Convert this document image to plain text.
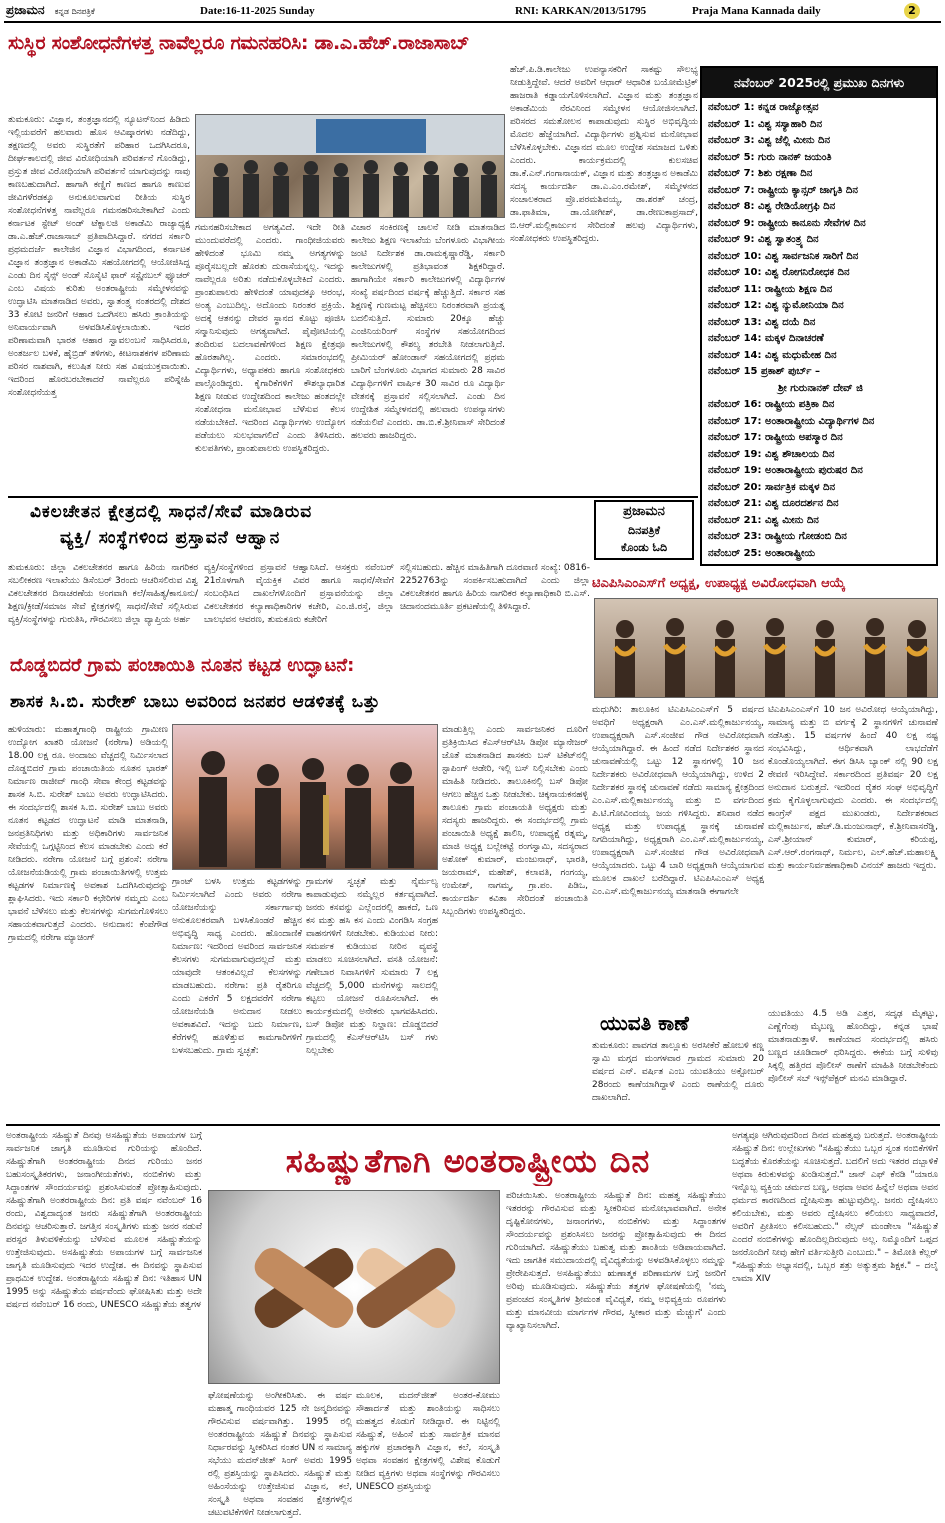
ಪ್ರಜಾಮನ ಕನ್ನಡ ದಿನಪತ್ರಿಕೆ	Date:16-11-2025 Sunday	RNI: KARKAN/2013/51795	Praja Mana Kannada daily	2
ಸುಸ್ಥಿರ ಸಂಶೋಧನೆಗಳತ್ತ ನಾವೆಲ್ಲರೂ ಗಮನಹರಿಸಿ: ಡಾ.ಎ.ಹೆಚ್.ರಾಜಾಸಾಬ್
ತುಮಕೂರು: ವಿಜ್ಞಾನ, ತಂತ್ರಜ್ಞಾನದಲ್ಲಿ ನ್ಯೂಟನ್‌ನಿಂದ ಹಿಡಿದು ಇಲ್ಲಿಯವರೆಗೆ ಹಲವಾರು ಹೊಸ ಆವಿಷ್ಕಾರಗಳು ನಡೆದಿದ್ದು, ತಕ್ಷಣದಲ್ಲಿ ಅವರು ಸುಸ್ಥಿರತೆಗೆ ಪರಿಹಾರ ಒದಗಿಸಿದರೂ, ದೀರ್ಘಕಾಲದಲ್ಲಿ ಜೀವ ವಿರೋಧಿಯಾಗಿ ಪರಿವರ್ತನೆ ಗೊಂಡಿದ್ದು, ಪ್ರಸ್ತುತ ಜೀವ ವಿರೋಧಿಯಾಗಿ ಪರಿವರ್ತನೆ ಯಾಗುವುದನ್ನು ನಾವು ಕಾಣಬಹುದಾಗಿದೆ. ಹಾಗಾಗಿ ಕಣ್ಣಿಗೆ ಕಾಣದ ಹಾಗೂ ಕಾಣುವ ಜೀವಿಗಳೆರಡಕ್ಕೂ ಅನುಕೂಲವಾಗುವ ರೀತಿಯ ಸುಸ್ಥಿರ ಸಂಶೋಧನೆಗಳತ್ತ ನಾವೆಲ್ಲರೂ ಗಮನಹರಿಸಬೇಕಾಗಿದೆ ಎಂದು ಕರ್ನಾಟಕ ಸ್ಟೇಟ್ ಅಂಡ್ ಟೆಕ್ನಾಲಜಿ ಅಕಾಡೆಮಿ ರಾಜ್ಯಾಧ್ಯಕ್ಷ ಡಾ.ಎ.ಹೆಚ್.ರಾಜಾಸಾಬ್ ಪ್ರತಿಪಾದಿಸಿದ್ದಾರೆ. ನಗರದ ಸರ್ಕಾರಿ ಪ್ರಥಮದರ್ಜೆ ಕಾಲೇಜಿನ ವಿಜ್ಞಾನ ವಿಭಾಗದಿಂದ, ಕರ್ನಾಟಕ ವಿಜ್ಞಾನ ತಂತ್ರಜ್ಞಾನ ಅಕಾಡೆಮಿ ಸಹಯೋಗದಲ್ಲಿ ಆಯೋಜಿಸಿದ್ದ ಎಂಡು ದಿನ ಸೈನ್ಸ್ ಅಂಡ್ ಸೊಸೈಟಿ ಫಾರ್ ಸಸ್ಟೈನಬಲ್ ಫ್ಯೂಚರ್ ಎಂಬ ವಿಷಯ ಕುರಿತು ಅಂತರಾಷ್ಟ್ರೀಯ ಸಮ್ಮೇಳನವನ್ನು ಉದ್ಘಾಟಿಸಿ ಮಾತನಾಡಿದ ಅವರು, ಸ್ವಾತಂತ್ರ್ಯ ನಂತರದಲ್ಲಿ ದೇಶದ 33 ಕೋಟಿ ಜನರಿಗೆ ಆಹಾರ ಒದಗಿಸಲು ಹಸಿರು ಕ್ರಾಂತಿಯನ್ನು ಅನಿವಾರ್ಯವಾಗಿ ಅಳವಡಿಸಿಕೊಳ್ಳಲಾಯಿತು. ಇದರ ಪರಿಣಾಮವಾಗಿ ಭಾರತ ಆಹಾರ ಸ್ವಾವಲಂಬನೆ ಸಾಧಿಸಿದರೂ, ಅಂತರ್ಜಲ ಬಳಕೆ, ಹೈಬ್ರಿಡ್ ತಳಿಗಳು, ಕೀಟನಾಶಕಗಳ ಪರಿಣಾಮ ಪರಿಸರ ನಾಶವಾಗಿ, ಕಲುಷಿತ ನೀರು ಸಹ ವಿಷಯುಕ್ತವಾಯಿತು. ಇದರಿಂದ ಹೊರಬರಬೇಕಾದರೆ ನಾವೆಲ್ಲರೂ ಪರಿಸ್ನೇಹಿ ಸಂಶೋಧನೆಯತ್ತ
ಗಮನಹರಿಸಬೇಕಾದ ಅಗತ್ಯವಿದೆ. ಇದೇ ರೀತಿ ಮುಂದುವರೆದಲ್ಲಿ ಎಂದರು. ಗಾಂಧೀಜಿಯವರು ಹೇಳಿದಂತೆ ಭೂಮಿ ನಮ್ಮ ಅಗತ್ಯಗಳನ್ನು ಪೂರೈಸಬಲ್ಲದೇ ಹೊರತು ದುರಾಸೆಯನ್ನಲ್ಲ. ಇದನ್ನು ನಾವೆಲ್ಲರೂ ಅರಿತು ನಡೆದುಕೊಳ್ಳಬೇಕಿದೆ ಎಂದರು. ಪ್ರಾಂಶುಪಾಲರು ಹೇಳಿದಂತೆ ಯಾವುದಕ್ಕೂ ಆರಂಭ, ಅಂತ್ಯ ಎಂಬುದಿಲ್ಲ. ಅದೊಂದು ನಿರಂತರ ಪ್ರಕ್ರಿಯೆ. ಅದಕ್ಕೆ ಆತನನ್ನು ದೇವರ ಸ್ಥಾನದ ಕೊಟ್ಟು ಪೂಜಿಸಿ ಸನ್ಮಾನಿಸುವುದು ಅಗತ್ಯವಾಗಿದೆ. ಪೈಪೋಟಿಯಲ್ಲಿ ತಂದಿರುವ ಬದಲಾವಣೆಗಳಿಂದ ಶಿಕ್ಷಣ ಕ್ಷೇತ್ರವೂ ಹೊರತಾಗಿಲ್ಲ. ಎಂದರು. ಸಮಾರಂಭದಲ್ಲಿ ವಿದ್ಯಾರ್ಥಿಗಳು, ಅಧ್ಯಾಪಕರು ಹಾಗೂ ಸಂಶೋಧಕರು ಪಾಲ್ಗೊಂಡಿದ್ದರು. ಕೈಗಾರಿಕೆಗಳಿಗೆ ಕೌಶಲ್ಯಾಧಾರಿತ ಶಿಕ್ಷಣ ನೀಡುವ ಉದ್ದೇಶದಿಂದ ಕಾಲೇಜು ಹಂತದಲ್ಲೇ ಸಂಶೋಧನಾ ಮನೋಭಾವ ಬೆಳೆಸುವ ಕೆಲಸ ನಡೆಯಬೇಕಿದೆ. ಇದರಿಂದ ವಿದ್ಯಾರ್ಥಿಗಳು ಉದ್ಯೋಗ ಪಡೆಯಲು ಸುಲಭವಾಗಲಿದೆ ಎಂದು ತಿಳಿಸಿದರು. ಕುಲಪತಿಗಳು, ಪ್ರಾಂಶುಪಾಲರು ಉಪಸ್ಥಿತರಿದ್ದರು.
ವಿಚಾರ ಸಂಕಿರಣಕ್ಕೆ ಚಾಲನೆ ನೀಡಿ ಮಾತನಾಡಿದ ಕಾಲೇಜು ಶಿಕ್ಷಣ ಇಲಾಖೆಯ ಬೆಂಗಳೂರು ವಿಭಾಗೀಯ ಜಂಟಿ ನಿರ್ದೇಶಕ ಡಾ.ರಾಮಕೃಷ್ಣಾರೆಡ್ಡಿ, ಸರ್ಕಾರಿ ಕಾಲೇಜುಗಳಲ್ಲಿ ಪ್ರತಿಭಾವಂತ ಶಿಕ್ಷಕರಿದ್ದಾರೆ. ಹಾಗಾಗಿಯೇ ಸರ್ಕಾರಿ ಕಾಲೇಜುಗಳಲ್ಲಿ ವಿದ್ಯಾರ್ಥಿಗಳ ಸಂಖ್ಯೆ ಪರ್ಷದಿಂದ ವರ್ಷಕ್ಕೆ ಹೆಚ್ಚುತ್ತಿದೆ. ಸರ್ಕಾರ ಸಹ ಶಿಕ್ಷಣಕ್ಕೆ ಗುಣಮಟ್ಟ ಹೆಚ್ಚಿಸಲು ನಿರಂತರವಾಗಿ ಪ್ರಯತ್ನ ಬದಲಿಸುತ್ತಿದೆ. ಸುಮಾರು 20ಕ್ಕೂ ಹೆಚ್ಚು ಎಂಜಿನಿಯರಿಂಗ್ ಸಂಸ್ಥೆಗಳ ಸಹಯೋಗದಿಂದ ಕಾಲೇಜುಗಳಲ್ಲಿ ಕೌಶಲ್ಯ ತರಬೇತಿ ನೀಡಲಾಗುತ್ತಿದೆ. ಪ್ರೀಮಿಯರ್ ಹೋಂಡಾನ್ ಸಹಯೋಗದಲ್ಲಿ ಪ್ರಥಮ ಬಾರಿಗೆ ಬೆಂಗಳೂರು ವಿಭಾಗದ ಸುಮಾರು 28 ಸಾವಿರ ವಿದ್ಯಾರ್ಥಿಗಳಿಗೆ ವಾರ್ಷಿಕ 30 ಸಾವಿರ ರೂ ವಿದ್ಯಾರ್ಥಿ ವೇತನಕ್ಕೆ ಪ್ರಸ್ತಾವನೆ ಸಲ್ಲಿಸಲಾಗಿದೆ. ಎಂಡು ದಿನ ಉದ್ದೇಶಿತ ಸಮ್ಮೇಳನದಲ್ಲಿ ಹಲವಾರು ಉಪನ್ಯಾಸಗಳು ನಡೆಯಲಿವೆ ಎಂದರು. ಡಾ.ಬಿ.ಕೆ.ಶ್ರೀನಿವಾಸ್ ಸೇರಿದಂತೆ ಹಲವರು ಹಾಜರಿದ್ದರು.
ಹೆಚ್.ಪಿ.ಡಿ.ಕಾಲೇಜು ಉಪನ್ಯಾಸಕರಿಗೆ ಸಾಕಷ್ಟು ಸೌಲಭ್ಯ ನೀಡುತ್ತಿದ್ದೇವೆ. ಆದರೆ ಅವರಿಗೆ ಆಧಾರ್ ಆಧಾರಿತ ಬಯೋಮೆಟ್ರಿಕ್ ಹಾಜರಾತಿ ಕಡ್ಡಾಯಗೊಳಿಸಲಾಗಿದೆ. ವಿಜ್ಞಾನ ಮತ್ತು ತಂತ್ರಜ್ಞಾನ ಅಕಾಡೆಮಿಯ ನೆರವಿನಿಂದ ಸಮ್ಮೇಳನ ಆಯೋಜಿಸಲಾಗಿದೆ. ಪರಿಸರದ ಸಮತೋಲನ ಕಾಪಾಡುವುದು ಸುಸ್ಥಿರ ಅಭಿವೃದ್ಧಿಯ ಮೊದಲ ಹೆಜ್ಜೆಯಾಗಿದೆ. ವಿದ್ಯಾರ್ಥಿಗಳು ಪ್ರಶ್ನಿಸುವ ಮನೋಭಾವ ಬೆಳೆಸಿಕೊಳ್ಳಬೇಕು. ವಿಜ್ಞಾನದ ಮೂಲ ಉದ್ದೇಶ ಸಮಾಜದ ಒಳಿತು ಎಂದರು. ಕಾರ್ಯಕ್ರಮದಲ್ಲಿ ಕುಲಸಚಿವ ಡಾ.ಕೆ.ಎನ್.ಗಂಗಾನಾಯಕ್, ವಿಜ್ಞಾನ ಮತ್ತು ತಂತ್ರಜ್ಞಾನ ಅಕಾಡೆಮಿ ಸದಸ್ಯ ಕಾರ್ಯದರ್ಶಿ ಡಾ.ಎ.ಎಂ.ರಮೇಶ್, ಸಮ್ಮೇಳನದ ಸಂಚಾಲಕರಾದ ಪ್ರೊ.ಪರಮಶಿವಯ್ಯ, ಡಾ.ಶರತ್ ಚಂದ್ರ, ಡಾ.ಫಾತಿಮಾ, ಡಾ.ಯೋಗೀಶ್, ಡಾ.ರೇಣುಕಾಪ್ರಸಾದ್, ಬಿ.ಆರ್.ಮಲ್ಲಿಕಾರ್ಜುನ ಸೇರಿದಂತೆ ಹಲವು ವಿದ್ಯಾರ್ಥಿಗಳು, ಸಂಶೋಧಕರು ಉಪಸ್ಥಿತರಿದ್ದರು.
ನವೆಂಬರ್ 2025ರಲ್ಲಿ ಪ್ರಮುಖ ದಿನಗಳು
ನವೆಂಬರ್ 1: ಕನ್ನಡ ರಾಜ್ಯೋತ್ಸವ
ನವೆಂಬರ್ 1: ವಿಶ್ವ ಸಸ್ಯಾಹಾರಿ ದಿನ
ನವೆಂಬರ್ 3: ವಿಶ್ವ ಜೆಲ್ಲಿ ಮೀನು ದಿನ
ನವೆಂಬರ್ 5: ಗುರು ನಾನಕ್ ಜಯಂತಿ
ನವೆಂಬರ್ 7: ಶಿಶು ರಕ್ಷಣಾ ದಿನ
ನವೆಂಬರ್ 7: ರಾಷ್ಟ್ರೀಯ ಕ್ಯಾನ್ಸರ್ ಜಾಗೃತಿ ದಿನ
ನವೆಂಬರ್ 8: ವಿಶ್ವ ರೇಡಿಯೋಗ್ರಫಿ ದಿನ
ನವೆಂಬರ್ 9: ರಾಷ್ಟ್ರೀಯ ಕಾನೂನು ಸೇವೆಗಳ ದಿನ
ನವೆಂಬರ್ 9: ವಿಶ್ವ ಸ್ವಾತಂತ್ರ್ಯ ದಿನ
ನವೆಂಬರ್ 10: ವಿಶ್ವ ಸಾರ್ವಜನಿಕ ಸಾರಿಗೆ ದಿನ
ನವೆಂಬರ್ 10: ವಿಶ್ವ ರೋಗನಿರೋಧಕ ದಿನ
ನವೆಂಬರ್ 11: ರಾಷ್ಟ್ರೀಯ ಶಿಕ್ಷಣ ದಿನ
ನವೆಂಬರ್ 12: ವಿಶ್ವ ನ್ಯುಮೋನಿಯಾ ದಿನ
ನವೆಂಬರ್ 13: ವಿಶ್ವ ದಯೆ ದಿನ
ನವೆಂಬರ್ 14: ಮಕ್ಕಳ ದಿನಾಚರಣೆ
ನವೆಂಬರ್ 14: ವಿಶ್ವ ಮಧುಮೇಹ ದಿನ
ನವೆಂಬರ್ 15 ಪ್ರಕಾಶ್ ಪುರ್ಬ್ –
ಶ್ರೀ ಗುರುನಾನಕ್ ದೇವ್ ಜಿ
ನವೆಂಬರ್ 16: ರಾಷ್ಟ್ರೀಯ ಪತ್ರಿಕಾ ದಿನ
ನವೆಂಬರ್ 17: ಅಂತಾರಾಷ್ಟ್ರೀಯ ವಿದ್ಯಾರ್ಥಿಗಳ ದಿನ
ನವೆಂಬರ್ 17: ರಾಷ್ಟ್ರೀಯ ಅಪಸ್ಮಾರ ದಿನ
ನವೆಂಬರ್ 19: ವಿಶ್ವ ಶೌಚಾಲಯ ದಿನ
ನವೆಂಬರ್ 19: ಅಂತಾರಾಷ್ಟ್ರೀಯ ಪುರುಷರ ದಿನ
ನವೆಂಬರ್ 20: ಸಾರ್ವತ್ರಿಕ ಮಕ್ಕಳ ದಿನ
ನವೆಂಬರ್ 21: ವಿಶ್ವ ದೂರದರ್ಶನ ದಿನ
ನವೆಂಬರ್ 21: ವಿಶ್ವ ಮೀನು ದಿನ
ನವೆಂಬರ್ 23: ರಾಷ್ಟ್ರೀಯ ಗೋಡಂಬಿ ದಿನ
ನವೆಂಬರ್ 25: ಅಂತಾರಾಷ್ಟ್ರೀಯ
ವಿಕಲಚೇತನ ಕ್ಷೇತ್ರದಲ್ಲಿ ಸಾಧನೆ/ಸೇವೆ ಮಾಡಿರುವ
ವ್ಯಕ್ತಿ/ ಸಂಸ್ಥೆಗಳಿಂದ ಪ್ರಸ್ತಾವನೆ ಆಹ್ವಾನ
ಪ್ರಜಾಮನ
ದಿನಪತ್ರಿಕೆ
ಕೊಂಡು ಓದಿ
ತುಮಕೂರು: ಜಿಲ್ಲಾ ವಿಕಲಚೇತನರ ಹಾಗೂ ಹಿರಿಯ ನಾಗರಿಕರ ಸಬಲೀಕರಣ ಇಲಾಖೆಯು ಡಿಸೆಂಬರ್ 3ರಂದು ಆಚರಿಸಲಿರುವ ವಿಶ್ವ ವಿಕಲಚೇತನರ ದಿನಾಚರಣೆಯ ಅಂಗವಾಗಿ ಕಲೆ/ಸಾಹಿತ್ಯ/ಕಾನೂನು/ಶಿಕ್ಷಣ/ಕ್ರೀಡೆ/ಸಮಾಜ ಸೇವೆ ಕ್ಷೇತ್ರಗಳಲ್ಲಿ ಸಾಧನೆ/ಸೇವೆ ಸಲ್ಲಿಸಿರುವ ವ್ಯಕ್ತಿ/ಸಂಸ್ಥೆಗಳನ್ನು ಗುರುತಿಸಿ, ಗೌರವಿಸಲು ಜಿಲ್ಲಾ ವ್ಯಾಪ್ತಿಯ ಅರ್ಹ
ವ್ಯಕ್ತಿ/ಸಂಸ್ಥೆಗಳಿಂದ ಪ್ರಸ್ತಾವನೆ ಆಹ್ವಾನಿಸಿದೆ. ಆಸಕ್ತರು ನವೆಂಬರ್ 21ರೊಳಗಾಗಿ ವೈಯಕ್ತಿಕ ವಿವರ ಹಾಗೂ ಸಾಧನೆ/ಸೇವೆಗೆ ಸಂಬಂಧಿಸಿದ ದಾಖಲೆಗಳೊಂದಿಗೆ ಪ್ರಸ್ತಾವನೆಯನ್ನು ಜಿಲ್ಲಾ ವಿಕಲಚೇತನರ ಕಲ್ಯಾಣಾಧಿಕಾರಿಗಳ ಕಚೇರಿ, ಎಂ.ಜಿ.ರಸ್ತೆ, ಜಿಲ್ಲಾ ಬಾಲಭವನ ಆವರಣ, ತುಮಕೂರು ಕಚೇರಿಗೆ
ಸಲ್ಲಿಸಬಹುದು. ಹೆಚ್ಚಿನ ಮಾಹಿತಿಗಾಗಿ ದೂರವಾಣಿ ಸಂಖ್ಯೆ: 0816-2252763ನ್ನು ಸಂಪರ್ಕಿಸಬಹುದಾಗಿದೆ ಎಂದು ಜಿಲ್ಲಾ ವಿಕಲಚೇತನರ ಹಾಗೂ ಹಿರಿಯ ನಾಗರಿಕರ ಕಲ್ಯಾಣಾಧಿಕಾರಿ ಬಿ.ಎಸ್. ಚಿದಾನಂದಮೂರ್ತಿ ಪ್ರಕಟಣೆಯಲ್ಲಿ ತಿಳಿಸಿದ್ದಾರೆ.
ಟಿಎಪಿಸಿಎಂಎಸ್‌ಗೆ ಅಧ್ಯಕ್ಷ, ಉಪಾಧ್ಯಕ್ಷ ಅವಿರೋಧವಾಗಿ ಆಯ್ಕೆ
ಮಧುಗಿರಿ: ತಾಲೂಕಿನ ಟಿಎಪಿಸಿಎಂಎಸ್‌ಗೆ 5 ವರ್ಷದ ಅವಧಿಗೆ ಅಧ್ಯಕ್ಷರಾಗಿ ಎಂ.ಎಸ್.ಮಲ್ಲಿಕಾರ್ಜುನಯ್ಯ, ಉಪಾಧ್ಯಕ್ಷರಾಗಿ ಎಸ್.ಸಂಜೀವ ಗೌಡ ಅವಿರೋಧವಾಗಿ ಆಯ್ಕೆಯಾಗಿದ್ದಾರೆ. ಈ ಹಿಂದೆ ನಡೆದ ನಿರ್ದೇಶಕರ ಸ್ಥಾನದ ಚುನಾವಣೆಯಲ್ಲಿ ಒಟ್ಟು 12 ಸ್ಥಾನಗಳಲ್ಲಿ 10 ಜನ ನಿರ್ದೇಶಕರು ಅವಿರೋಧವಾಗಿ ಆಯ್ಕೆಯಾಗಿದ್ದು, ಉಳಿದ 2 ನಿರ್ದೇಶಕರ ಸ್ಥಾನಕ್ಕೆ ಚುನಾವಣೆ ನಡೆದು ಸಾಮಾನ್ಯ ಕ್ಷೇತ್ರದಿಂದ ಎಂ.ಎಸ್.ಮಲ್ಲಿಕಾರ್ಜುನಯ್ಯ ಮತ್ತು ಬಿ ವರ್ಗದಿಂದ ಪಿ.ಟಿ.ಗೋವಿಂದಯ್ಯ ಜಯ ಗಳಿಸಿದ್ದರು. ಶನಿವಾರ ನಡೆದ ಅಧ್ಯಕ್ಷ ಮತ್ತು ಉಪಾಧ್ಯಕ್ಷ ಸ್ಥಾನಕ್ಕೆ ಚುನಾವಣೆ ನಿಗದಿಯಾಗಿದ್ದು, ಅಧ್ಯಕ್ಷರಾಗಿ ಎಂ.ಎಸ್.ಮಲ್ಲಿಕಾರ್ಜುನಯ್ಯ, ಉಪಾಧ್ಯಕ್ಷರಾಗಿ ಎಸ್.ಸಂಜೀವ ಗೌಡ ಅವಿರೋಧವಾಗಿ ಆಯ್ಕೆಯಾದರು. ಒಟ್ಟು 4 ಬಾರಿ ಅಧ್ಯಕ್ಷರಾಗಿ ಆಯ್ಕೆಯಾಗುವ ಮೂಲಕ ದಾಖಲೆ ಬರೆದಿದ್ದಾರೆ. ಟಿಎಪಿಸಿಎಂಎಸ್ ಅಧ್ಯಕ್ಷ ಎಂ.ಎಸ್.ಮಲ್ಲಿಕಾರ್ಜುನಯ್ಯ ಮಾತನಾಡಿ ಈಗಾಗಲೇ
ಟಿಎಪಿಸಿಎಂಎಸ್‌ಗೆ 10 ಜನ ಅವಿರೋಧ ಆಯ್ಕೆಯಾಗಿದ್ದು, ಸಾಮಾನ್ಯ ಮತ್ತು ಬಿ ವರ್ಗಕ್ಕೆ 2 ಸ್ಥಾನಗಳಿಗೆ ಚುನಾವಣೆ ನಡೆಸಿತ್ತು. 15 ವರ್ಷಗಳ ಹಿಂದೆ 40 ಲಕ್ಷ ನಷ್ಟ ಸಂಭವಿಸಿದ್ದು, ಆರ್ಥಿಕವಾಗಿ ಲಾಭದೆಡೆಗೆ ಕೊಂಡೊಯ್ಯಲಾಗಿದೆ. ಈಗ ಡಿಸಿಸಿ ಬ್ಯಾಂಕ್ ನಲ್ಲಿ 90 ಲಕ್ಷ ಠೇವಣಿ ಇರಿಸಿದ್ದೇವೆ. ಸರ್ಕಾರದಿಂದ ಪ್ರತಿವರ್ಷ 20 ಲಕ್ಷ ಅನುದಾನ ಬರುತ್ತದೆ. ಇದರಿಂದ ರೈತರ ಸಂಘ ಅಭಿವೃದ್ಧಿಗೆ ಕ್ರಮ ಕೈಗೊಳ್ಳಲಾಗುವುದು ಎಂದರು. ಈ ಸಂದರ್ಭದಲ್ಲಿ ಕಾಂಗ್ರೆಸ್ ಪಕ್ಷದ ಮುಖಂಡರು, ನಿರ್ದೇಶಕರಾದ ಮಲ್ಲಿಕಾರ್ಜುನ, ಹೆಚ್.ಡಿ.ಮಂಜುನಾಥ್, ಕೆ.ಶ್ರೀನಿವಾಸರೆಡ್ಡಿ, ಎಸ್.ಶ್ರೀಯಾನ್ ಕುಮಾರ್, ಕರಿಯಪ್ಪ, ಎಸ್.ಆರ್.ರಂಗನಾಥ್, ನಿರ್ಮಲ, ಎಲ್.ಹೆಚ್.ಮಹಾಲಕ್ಷ್ಮಿ ಮತ್ತು ಕಾರ್ಯನಿರ್ವಹಣಾಧಿಕಾರಿ ವಿನಯ್ ಹಾಜರು ಇದ್ದರು.
ದೊಡ್ಡಬಿದರೆ ಗ್ರಾಮ ಪಂಚಾಯಿತಿ ನೂತನ ಕಟ್ಟಡ ಉದ್ಘಾಟನೆ:
ಶಾಸಕ ಸಿ.ಬಿ. ಸುರೇಶ್ ಬಾಬು ಅವರಿಂದ ಜನಪರ ಆಡಳಿತಕ್ಕೆ ಒತ್ತು
ಹುಳಿಯಾರು: ಮಹಾತ್ಮಗಾಂಧಿ ರಾಷ್ಟ್ರೀಯ ಗ್ರಾಮೀಣ ಉದ್ಯೋಗ ಖಾತರಿ ಯೋಜನೆ (ನರೇಗಾ) ಅಡಿಯಲ್ಲಿ 18.00 ಲಕ್ಷ ರೂ. ಅಂದಾಜು ವೆಚ್ಚದಲ್ಲಿ ನಿರ್ಮಿಸಲಾದ ದೊಡ್ಡಬಿದರೆ ಗ್ರಾಮ ಪಂಚಾಯಿತಿಯ ನೂತನ ಭಾರತ್ ನಿರ್ಮಾಣ ರಾಜೀವ್ ಗಾಂಧಿ ಸೇವಾ ಕೇಂದ್ರ ಕಟ್ಟಡವನ್ನು ಶಾಸಕ ಸಿ.ಬಿ. ಸುರೇಶ್ ಬಾಬು ಅವರು ಉದ್ಘಾಟಿಸಿದರು. ಈ ಸಂದರ್ಭದಲ್ಲಿ ಶಾಸಕ ಸಿ.ಬಿ. ಸುರೇಶ್ ಬಾಬು ಅವರು ನೂತನ ಕಟ್ಟಡದ ಉದ್ಘಾಟನೆ ಮಾಡಿ ಮಾತನಾಡಿ, ಜನಪ್ರತಿನಿಧಿಗಳು ಮತ್ತು ಅಧಿಕಾರಿಗಳು ಸಾರ್ವಜನಿಕ ಸೇವೆಯಲ್ಲಿ ಒಗ್ಗಟ್ಟಿನಿಂದ ಕೆಲಸ ಮಾಡಬೇಕು ಎಂದು ಕರೆ ನೀಡಿದರು. ನರೇಗಾ ಯೋಜನೆ ಬಗ್ಗೆ ಪ್ರಶಂಸೆ: ನರೇಗಾ ಯೋಜನೆಯಡಿಯಲ್ಲಿ ಗ್ರಾಮ ಪಂಚಾಯಿತಿಗಳಲ್ಲಿ ಉತ್ತಮ ಕಟ್ಟಡಗಳ ನಿರ್ಮಾಣಕ್ಕೆ ಅವಕಾಶ ಒದಗಿಸಿರುವುದನ್ನು ಶ್ಲಾಘಿಸಿದರು. ಇದು ಸರ್ಕಾರಿ ಕಛೇರಿಗಳ ನಮ್ಮದು ಎಂಬ ಭಾವನೆ ಬೆಳೆಸಲು ಮತ್ತು ಕೆಲಸಗಳನ್ನು ಸುಗಮಗೊಳಿಸಲು ಸಹಾಯಕವಾಗುತ್ತದೆ ಎಂದರು. ಅನುದಾನ: ಕೆಂಪೆಗೌಡ ಗ್ರಾಮದಲ್ಲಿ ನರೇಗಾ ಮ್ಯಾಚಿಂಗ್
ಗ್ರಾಂಟ್ ಬಳಸಿ ಉತ್ತಮ ಕಟ್ಟಡಗಳನ್ನು ನಿರ್ಮಿಸಲಾಗಿದೆ ಎಂದು ಅವರು ನರೇಗಾ ಯೋಜನೆಯನ್ನು ಸರ್ಕಾರ್ಗಾವು ಅನುಕೂಲಕರವಾಗಿ ಬಳಸಿಕೊಂಡರೆ ಹೆಚ್ಚಿನ ಅಭಿವೃದ್ಧಿ ಸಾಧ್ಯ ಎಂದರು. ಹೊಂದಾಣಿಕೆ ನಿರ್ಮಾಣ: ಇದರಿಂದ ಅವರಿಂದ ಸಾರ್ವಜನಿಕ ಕೆಲಸಗಳು ಸುಗಮವಾಗುವುದಲ್ಲದೆ ಮತ್ತು ಯಾವುದೇ ಆತಂಕವಿಲ್ಲದೆ ಕೆಲಸಗಳನ್ನು ಮಾಡಬಹುದು. ನರೇಗಾ: ಪ್ರತಿ ರೈತರಿಗೂ ಎಂದು ಎಕರೆಗೆ 5 ಲಕ್ಷದವರೆಗೆ ನರೇಗಾ ಯೋಜನೆಯಡಿ ಅನುದಾನ ನೀಡಲು ಅವಕಾಶವಿದೆ. ಇದನ್ನು ಬದು ನಿರ್ಮಾಣ, ಕೆರೆಗಳಲ್ಲಿ ಹೂಳೆತ್ತುವ ಕಾಮಗಾರಿಗಳಿಗೆ ಬಳಸಬಹುದು. ಗ್ರಾಮ ಸ್ವಚ್ಛತೆ:
ಗ್ರಾಮಗಳ ಸ್ವಚ್ಛತೆ ಮತ್ತು ನೈರ್ಮಲ್ಯ ಕಾಪಾಡುವುದು ನಮ್ಮೆಲ್ಲರ ಕರ್ತವ್ಯವಾಗಿದೆ. ಜನರು ಕಸವನ್ನು ಎಲ್ಲೆಂದರಲ್ಲಿ ಹಾಕದೆ, ಒಣ ಕಸ ಮತ್ತು ಹಸಿ ಕಸ ಎಂದು ವಿಂಗಡಿಸಿ ಸಂಗ್ರಹ ವಾಹನಗಳಿಗೆ ನೀಡಬೇಕು. ಕುಡಿಯುವ ನೀರು: ಸಮರ್ಪಕ ಕುಡಿಯುವ ನೀರಿನ ವ್ಯವಸ್ಥೆ ಮಾಡಲು ಸೂಚಿಸಲಾಗಿದೆ. ವಸತಿ ಯೋಜನೆ: ಗಣೇಬಾರ ನಿವಾಸಿಗಳಿಗೆ ಸುಮಾರು 7 ಲಕ್ಷ ವೆಚ್ಚದಲ್ಲಿ 5,000 ಮನೆಗಳನ್ನು ಸಾಲದಲ್ಲಿ ಕಟ್ಟಲು ಯೋಜನೆ ರೂಪಿಸಲಾಗಿದೆ. ಈ ಕಾರ್ಯಕ್ರಮದಲ್ಲಿ ಅನೇಕರು ಭಾಗವಹಿಸಿದರು. ಬಸ್ ಡಿಪೋ ಮತ್ತು ನಿಲ್ದಾಣ: ದೊಡ್ಡಬಿದರೆ ಗ್ರಾಮದಲ್ಲಿ ಕೆಎಸ್ಆರ್‌ಟಿಸಿ ಬಸ್ ಗಳು ನಿಲ್ಲಬೇಕು
ಮಾಡುತ್ತಿಲ್ಲ ಎಂದು ಸಾರ್ವಜನಿಕರ ದೂರಿಗೆ ಪ್ರತಿಕ್ರಿಯಿಸಿದ ಕೆಎಸ್‌ಆರ್‌ಟಿಸಿ ಡಿಪೋ ಮ್ಯಾನೇಜರ್ ಜೊತೆ ಮಾತನಾಡಿದ ಶಾಸಕರು ಬಸ್ ಟಿಕೆಟ್‌ನಲ್ಲಿ ಸ್ಟಾಪಿಂಗ್ ಆಡೇರಿ, ಇಲ್ಲಿ ಬಸ್ ನಿಲ್ಲಿಸಬೇಕು ಎಂದು ಮಾಹಿತಿ ನೀಡಿದರು. ತಾಲೂಕಿನಲ್ಲಿ ಬಸ್ ಡಿಪೋ ಆಗಲು ಹೆಚ್ಚಿನ ಒತ್ತು ನೀಡಬೇಕು. ಚಿಕ್ಕನಾಯಕನಹಳ್ಳಿ ತಾಲೂಕು ಗ್ರಾಮ ಪಂಚಾಯತಿ ಅಧ್ಯಕ್ಷರು ಮತ್ತು ಸದಸ್ಯರು ಹಾಜರಿದ್ದರು. ಈ ಸಂದರ್ಭದಲ್ಲಿ ಗ್ರಾಮ ಪಂಚಾಯಿತಿ ಅಧ್ಯಕ್ಷೆ ಶಾಲಿನಿ, ಉಪಾಧ್ಯಕ್ಷೆ ರತ್ನಮ್ಮ, ಮಾಜಿ ಅಧ್ಯಕ್ಷ ಬಲ್ಲೇಕಟ್ಟೆ ರಂಗಸ್ವಾಮಿ, ಸದಸ್ಯರಾದ ಅಶೋಕ್ ಕುಮಾರ್, ಮಂಜುನಾಥ್, ಭಾರತಿ, ಜಯರಾಮ್, ಮಹೇಶ್, ಕಲಾವತಿ, ಗಂಗಯ್ಯ, ಉಮೇಶ್, ನಾಗಮ್ಮ, ಗ್ರಾ.ಪಂ. ಪಿಡಿಒ, ಕಾರ್ಯದರ್ಶಿ ಕವಿತಾ ಸೇರಿದಂತೆ ಪಂಚಾಯಿತಿ ಸಿಬ್ಬಂದಿಗಳು ಉಪಸ್ಥಿತರಿದ್ದರು.
ಯುವತಿ ಕಾಣೆ
ತುಮಕೂರು: ಪಾವಗಡ ತಾಲ್ಲೂಕು ಅರಸೀಕೆರೆ ಹೋಬಳಿ ಕಣ್ಣ ಸ್ವಾಮಿ ಮಗ್ಗದ ಮಂಗಳವಾರ ಗ್ರಾಮದ ಸುಮಾರು 20 ವರ್ಷದ ಎನ್. ವರ್ಷಿತ ಎಂಬ ಯುವತಿಯು ಅಕ್ಟೋಬರ್ 28ರಂದು ಕಾಣೆಯಾಗಿದ್ದಾಳೆ ಎಂದು ಠಾಣೆಯಲ್ಲಿ ದೂರು ದಾಖಲಾಗಿದೆ.
ಯುವತಿಯು 4.5 ಅಡಿ ಎತ್ತರ, ಸದೃಢ ಮೈಕಟ್ಟು, ಎಣ್ಣೆಗೆಂಪು ಮೈಬಣ್ಣ ಹೊಂದಿದ್ದು, ಕನ್ನಡ ಭಾಷೆ ಮಾತನಾಡುತ್ತಾಳೆ. ಕಾಣೆಯಾದ ಸಂದರ್ಭದಲ್ಲಿ ಹಸಿರು ಬಣ್ಣದ ಚೂಡಿದಾರ್ ಧರಿಸಿದ್ದರು. ಈಕೆಯ ಬಗ್ಗೆ ಸುಳಿವು ಸಿಕ್ಕಲ್ಲಿ ಹತ್ತಿರದ ಪೊಲೀಸ್ ಠಾಣೆಗೆ ಮಾಹಿತಿ ನೀಡಬೇಕೆಂದು ಪೊಲೀಸ್ ಸಬ್ ಇನ್ಸ್‌ಪೆಕ್ಟರ್ ಮನವಿ ಮಾಡಿದ್ದಾರೆ.
ಸಹಿಷ್ಣುತೆಗಾಗಿ ಅಂತರಾಷ್ಟ್ರೀಯ ದಿನ
ಅಂತರಾಷ್ಟ್ರೀಯ ಸಹಿಷ್ಣುತೆ ದಿನವು ಅಸಹಿಷ್ಣುತೆಯ ಅಪಾಯಗಳ ಬಗ್ಗೆ ಸಾರ್ವಜನಿಕ ಜಾಗೃತಿ ಮೂಡಿಸುವ ಗುರಿಯನ್ನು ಹೊಂದಿದೆ. ಸಹಿಷ್ಣುತೆಗಾಗಿ ಅಂತರರಾಷ್ಟ್ರೀಯ ದಿನದ ಗುರಿಯು ಜನರ ಬಹುಸಂಸ್ಕೃತಿಕರಗಳು, ಜನಾಂಗೀಯತೆಗಳು, ನಂಬಿಕೆಗಳು ಮತ್ತು ಸಿದ್ಧಾಂತಗಳ ಸೌಂದರ್ಯವನ್ನು ಪ್ರಶಂಸಿಸುವಂತೆ ಪ್ರೋತ್ಸಾಹಿಸುವುದು. ಸಹಿಷ್ಣುತೆಗಾಗಿ ಅಂತರರಾಷ್ಟ್ರೀಯ ದಿನ: ಪ್ರತಿ ವರ್ಷ ನವೆಂಬರ್ 16 ರಂದು, ವಿಶ್ವದಾದ್ಯಂತ ಜನರು ಸಹಿಷ್ಣುತೆಗಾಗಿ ಅಂತರರಾಷ್ಟ್ರೀಯ ದಿನವನ್ನು ಆಚರಿಸುತ್ತಾರೆ. ಜಗತ್ತಿನ ಸಂಸ್ಕೃತಿಗಳು ಮತ್ತು ಜನರ ನಡುವೆ ಪರಸ್ಪರ ತಿಳುವಳಿಕೆಯನ್ನು ಬೆಳೆಸುವ ಮೂಲಕ ಸಹಿಷ್ಣುತೆಯನ್ನು ಉತ್ತೇಜಿಸುವುದು. ಅಸಹಿಷ್ಣುತೆಯ ಅಪಾಯಗಳ ಬಗ್ಗೆ ಸಾರ್ವಜನಿಕ ಜಾಗೃತಿ ಮೂಡಿಸುವುದು ಇದರ ಉದ್ದೇಶ. ಈ ದಿನವನ್ನು ಸ್ಥಾಪಿಸುವ ಪ್ರಾಥಮಿಕ ಉದ್ದೇಶ. ಅಂತರಾಷ್ಟ್ರೀಯ ಸಹಿಷ್ಣುತೆ ದಿನ: ಇತಿಹಾಸ UN 1995 ಅನ್ನು ಸಹಿಷ್ಣುತೆಯ ವರ್ಷವೆಂದು ಘೋಷಿಸಿತು ಮತ್ತು ಅದೇ ವರ್ಷದ ನವೆಂಬರ್ 16 ರಂದು, UNESCO ಸಹಿಷ್ಣುತೆಯ ತತ್ವಗಳ
ಘೋಷಣೆಯನ್ನು ಅಂಗೀಕರಿಸಿತು. ಈ ವರ್ಷ ಮಹಾತ್ಮ ಗಾಂಧಿಯವರ 125 ನೇ ಜನ್ಮದಿನವನ್ನು ಗೌರವಿಸುವ ವರ್ಷವಾಗಿತ್ತು. 1995 ರಲ್ಲಿ ಅಂತರರಾಷ್ಟ್ರೀಯ ಸಹಿಷ್ಣುತೆ ದಿನವನ್ನು ಸ್ಥಾಪಿಸುವ ನಿರ್ಧಾರವನ್ನು ಸ್ವೀಕರಿಸಿದ ನಂತರ UN ನ ಸಾಮಾನ್ಯ ಸಭೆಯು ಮದನ್‌ಜೀತ್ ಸಿಂಗ್ ಅವರು 1995 ರಲ್ಲಿ ಪ್ರಶಸ್ತಿಯನ್ನು ಸ್ಥಾಪಿಸಿದರು. ಸಹಿಷ್ಣುತೆ ಮತ್ತು ಅಹಿಂಸೆಯನ್ನು ಉತ್ತೇಜಿಸುವ ವಿಜ್ಞಾನ, ಕಲೆ, ಸಂಸ್ಕೃತಿ ಅಥವಾ ಸಂವಹನ ಕ್ಷೇತ್ರಗಳಲ್ಲಿನ ಚಟುವಟಿಕೆಗಳಿಗೆ ನೀಡಲಾಗುತ್ತದೆ.
ಮೂಲಕ, ಮದನ್‌ಜೀತ್ ಅಂತರ-ಕೋಮು ಸೌಹಾರ್ದತೆ ಮತ್ತು ಶಾಂತಿಯನ್ನು ಸಾಧಿಸಲು ಮಹತ್ವದ ಕೊಡುಗೆ ನೀಡಿದ್ದಾರೆ. ಈ ನಿಟ್ಟಿನಲ್ಲಿ ಸಹಿಷ್ಣುತೆ, ಅಹಿಂಸೆ ಮತ್ತು ಸಾರ್ವತ್ರಿಕ ಮಾನವ ಹಕ್ಕುಗಳ ಪ್ರಚಾರಕ್ಕಾಗಿ ವಿಜ್ಞಾನ, ಕಲೆ, ಸಂಸ್ಕೃತಿ ಅಥವಾ ಸಂವಹನ ಕ್ಷೇತ್ರಗಳಲ್ಲಿ ವಿಶೇಷ ಕೊಡುಗೆ ನೀಡಿದ ವ್ಯಕ್ತಿಗಳು ಅಥವಾ ಸಂಸ್ಥೆಗಳನ್ನು ಗೌರವಿಸಲು UNESCO ಪ್ರಶಸ್ತಿಯನ್ನು
ಪರಿಚಯಿಸಿತು. ಅಂತರಾಷ್ಟ್ರೀಯ ಸಹಿಷ್ಣುತೆ ದಿನ: ಮಹತ್ವ ಸಹಿಷ್ಣುತೆಯು ಇತರರನ್ನು ಗೌರವಿಸುವ ಮತ್ತು ಸ್ವೀಕರಿಸುವ ಮನೋಭಾವವಾಗಿದೆ. ಅನೇಕ ದೃಷ್ಟಿಕೋನಗಳು, ಜನಾಂಗಗಳು, ನಂಬಿಕೆಗಳು ಮತ್ತು ಸಿದ್ಧಾಂತಗಳ ಸೌಂದರ್ಯವನ್ನು ಪ್ರಶಂಸಿಸಲು ಜನರನ್ನು ಪ್ರೋತ್ಸಾಹಿಸುವುದು ಈ ದಿನದ ಗುರಿಯಾಗಿದೆ. ಸಹಿಷ್ಣುತೆಯು ಬಹುತ್ವ ಮತ್ತು ಶಾಂತಿಯ ಅಡಿಪಾಯವಾಗಿದೆ. ಇದು ಜಾಗತಿಕ ಸಮುದಾಯದಲ್ಲಿ ವೈವಿಧ್ಯತೆಯನ್ನು ಅಳವಡಿಸಿಕೊಳ್ಳಲು ನಮ್ಮನ್ನು ಪ್ರೇರೇಪಿಸುತ್ತದೆ. ಅಸಹಿಷ್ಣುತೆಯು ಋಣಾತ್ಮಕ ಪರಿಣಾಮಗಳ ಬಗ್ಗೆ ಜನರಿಗೆ ಅರಿವು ಮೂಡಿಸುವುದು. ಸಹಿಷ್ಣುತೆಯ ತತ್ವಗಳ ಘೋಷಣೆಯಲ್ಲಿ 'ನಮ್ಮ ಪ್ರಪಂಚದ ಸಂಸ್ಕೃತಿಗಳ ಶ್ರೀಮಂತ ವೈವಿಧ್ಯತೆ, ನಮ್ಮ ಅಭಿವ್ಯಕ್ತಿಯ ರೂಪಗಳು ಮತ್ತು ಮಾನವೀಯ ಮಾರ್ಗಗಳ ಗೌರವ, ಸ್ವೀಕಾರ ಮತ್ತು ಮೆಚ್ಚುಗೆ' ಎಂದು ವ್ಯಾಖ್ಯಾನಿಸಲಾಗಿದೆ.
ಅಗತ್ಯವೂ ಆಗಿರುವುದರಿಂದ ದಿನದ ಮಹತ್ವವು ಬರುತ್ತದೆ. ಅಂತರಾಷ್ಟ್ರೀಯ ಸಹಿಷ್ಣುತೆ ದಿನ: ಉಲ್ಲೇಖಗಳು "ಸಹಿಷ್ಣುತೆಯು ಒಬ್ಬರ ಸ್ವಂತ ನಂಬಿಕೆಗಳಿಗೆ ಬದ್ಧತೆಯ ಕೊರತೆಯನ್ನು ಸೂಚಿಸುತ್ತದೆ. ಬದಲಿಗೆ ಅದು ಇತರರ ದಬ್ಬಾಳಿಕೆ ಅಥವಾ ಕಿರುಕುಳವನ್ನು ಖಂಡಿಸುತ್ತದೆ." ಜಾನ್ ಎಫ್ ಕೆನಡಿ "ಯಾರೂ ಇನ್ನೊಬ್ಬ ವ್ಯಕ್ತಿಯ ಚರ್ಮದ ಬಣ್ಣ, ಅಥವಾ ಅವನ ಹಿನ್ನೆಲೆ ಅಥವಾ ಅವನ ಧರ್ಮದ ಕಾರಣದಿಂದ ದ್ವೇಷಿಸುತ್ತಾ ಹುಟ್ಟುವುದಿಲ್ಲ. ಜನರು ದ್ವೇಷಿಸಲು ಕಲಿಯಬೇಕು, ಮತ್ತು ಅವರು ದ್ವೇಷಿಸಲು ಕಲಿಯಲು ಸಾಧ್ಯವಾದರೆ, ಅವರಿಗೆ ಪ್ರೀತಿಸಲು ಕಲಿಸಬಹುದು." ನೆಲ್ಸನ್ ಮಂಡೇಲಾ "ಸಹಿಷ್ಣುತೆ ಎಂದರೆ ನಂಬಿಕೆಗಳನ್ನು ಹೊಂದಿಲ್ಲದಿರುವುದು ಅಲ್ಲ. ನಿಮ್ಮೊಂದಿಗೆ ಒಪ್ಪದ ಜನರೊಂದಿಗೆ ನೀವು ಹೇಗೆ ವರ್ತಿಸುತ್ತೀರಿ ಎಂಬುದು." – ತಿಮೋತಿ ಕೆಲ್ಲರ್ "ಸಹಿಷ್ಣುತೆಯ ಅಭ್ಯಾಸದಲ್ಲಿ, ಒಬ್ಬರ ಶತ್ರು ಅತ್ಯುತ್ತಮ ಶಿಕ್ಷಕ." – ದಲೈ ಲಾಮಾ XIV
